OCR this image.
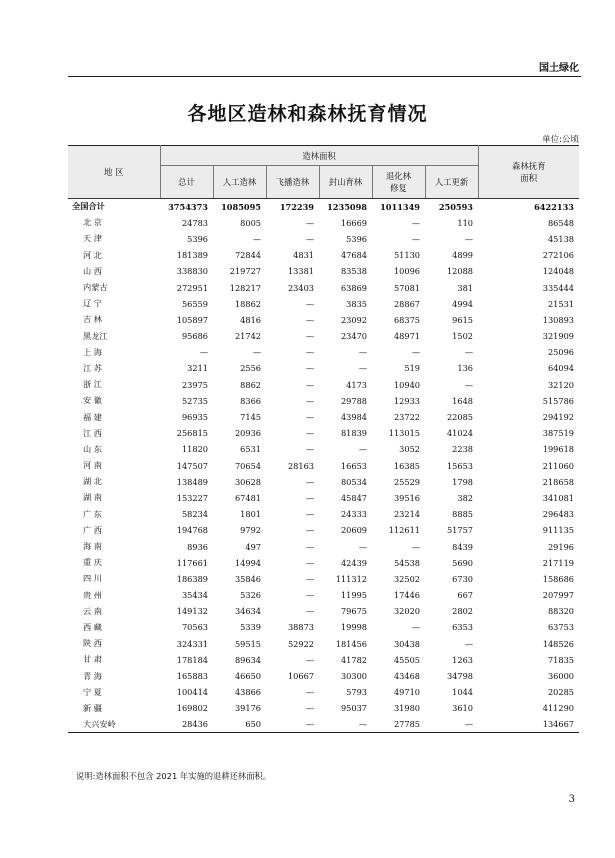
国土绿化
各地区造林和森林抚育情况
单位:公顷
地 区	造林面积						森林抚育
面积
	总计	人工造林	飞播造林	封山育林	退化林
修复	人工更新	
全国合计	3754373	1085095	172239	1235098	1011349	250593	6422133
北 京	24783	8005	—	16669	—	110	86548
天 津	5396	—	—	5396	—	—	45138
河 北	181389	72844	4831	47684	51130	4899	272106
山 西	338830	219727	13381	83538	10096	12088	124048
内蒙古	272951	128217	23403	63869	57081	381	335444
辽 宁	56559	18862	—	3835	28867	4994	21531
吉 林	105897	4816	—	23092	68375	9615	130893
黑龙江	95686	21742	—	23470	48971	1502	321909
上 海	—	—	—	—	—	—	25096
江 苏	3211	2556	—	—	519	136	64094
浙 江	23975	8862	—	4173	10940	—	32120
安 徽	52735	8366	—	29788	12933	1648	515786
福 建	96935	7145	—	43984	23722	22085	294192
江 西	256815	20936	—	81839	113015	41024	387519
山 东	11820	6531	—	—	3052	2238	199618
河 南	147507	70654	28163	16653	16385	15653	211060
湖 北	138489	30628	—	80534	25529	1798	218658
湖 南	153227	67481	—	45847	39516	382	341081
广 东	58234	1801	—	24333	23214	8885	296483
广 西	194768	9792	—	20609	112611	51757	911135
海 南	8936	497	—	—	—	8439	29196
重 庆	117661	14994	—	42439	54538	5690	217119
四 川	186389	35846	—	111312	32502	6730	158686
贵 州	35434	5326	—	11995	17446	667	207997
云 南	149132	34634	—	79675	32020	2802	88320
西 藏	70563	5339	38873	19998	—	6353	63753
陕 西	324331	59515	52922	181456	30438	—	148526
甘 肃	178184	89634	—	41782	45505	1263	71835
青 海	165883	46650	10667	30300	43468	34798	36000
宁 夏	100414	43866	—	5793	49710	1044	20285
新 疆	169802	39176	—	95037	31980	3610	411290
大兴安岭	28436	650	—	—	27785	—	134667
说明:造林面积不包含 2021 年实施的退耕还林面积。
3
